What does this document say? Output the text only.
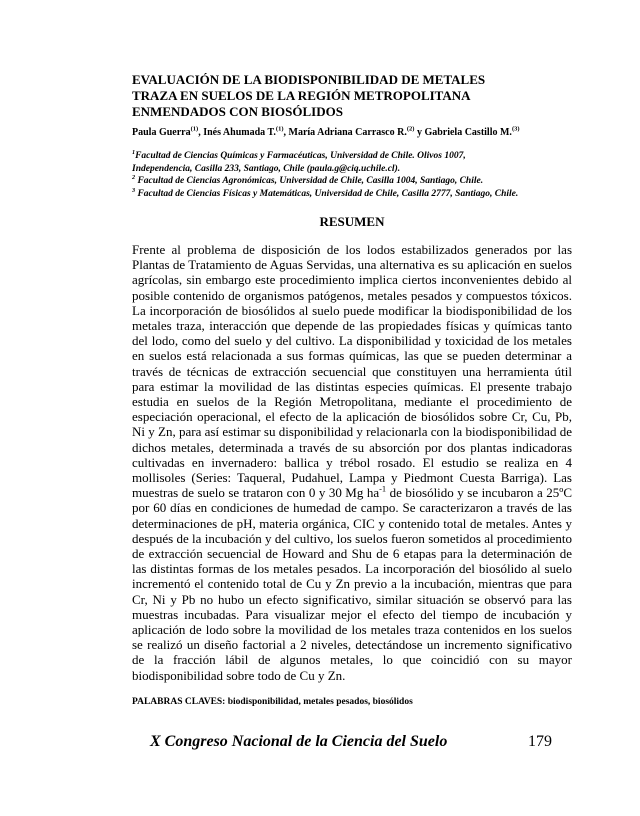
EVALUACIÓN DE LA BIODISPONIBILIDAD DE METALES TRAZA EN SUELOS DE LA REGIÓN METROPOLITANA ENMENDADOS CON BIOSÓLIDOS
Paula Guerra$^{(1)}$, Inés Ahumada T.$^{(1)}$, María Adriana Carrasco R.$^{(2)}$ y Gabriela Castillo M.$^{(3)}$
$^1$Facultad de Ciencias Químicas y Farmacéuticas, Universidad de Chile. Olivos 1007,
Independencia, Casilla 233, Santiago, Chile (paula.g@ciq.uchile.cl).
$^2$ Facultad de Ciencias Agronómicas, Universidad de Chile, Casilla 1004, Santiago, Chile.
$^3$ Facultad de Ciencias Físicas y Matemáticas, Universidad de Chile, Casilla 2777, Santiago, Chile.
RESUMEN

Frente al problema de disposición de los lodos estabilizados generados por las Plantas de Tratamiento de Aguas Servidas, una alternativa es su aplicación en suelos agrícolas, sin embargo este procedimiento implica ciertos inconvenientes debido al posible contenido de organismos patógenos, metales pesados y compuestos tóxicos. La incorporación de biosólidos al suelo puede modificar la biodisponibilidad de los metales traza, interacción que depende de las propiedades físicas y químicas tanto del lodo, como del suelo y del cultivo. La disponibilidad y toxicidad de los metales en suelos está relacionada a sus formas químicas, las que se pueden determinar a través de técnicas de extracción secuencial que constituyen una herramienta útil para estimar la movilidad de las distintas especies químicas. El presente trabajo estudia en suelos de la Región Metropolitana, mediante el procedimiento de especiación operacional, el efecto de la aplicación de biosólidos sobre Cr, Cu, Pb, Ni y Zn, para así estimar su disponibilidad y relacionarla con la biodisponibilidad de dichos metales, determinada a través de su absorción por dos plantas indicadoras cultivadas en invernadero: ballica y trébol rosado. El estudio se realiza en 4 mollisoles (Series: Taqueral, Pudahuel, Lampa y Piedmont Cuesta Barriga). Las muestras de suelo se trataron con 0 y 30 Mg $ha^{-1}$ de biosólido y se incubaron a 25ºC por 60 días en condiciones de humedad de campo. Se caracterizaron a través de las determinaciones de pH, materia orgánica, CIC y contenido total de metales. Antes y después de la incubación y del cultivo, los suelos fueron sometidos al procedimiento de extracción secuencial de Howard and Shu de 6 etapas para la determinación de las distintas formas de los metales pesados. La incorporación del biosólido al suelo incrementó el contenido total de Cu y Zn previo a la incubación, mientras que para Cr, Ni y Pb no hubo un efecto significativo, similar situación se observó para las muestras incubadas. Para visualizar mejor el efecto del tiempo de incubación y aplicación de lodo sobre la movilidad de los metales traza contenidos en los suelos se realizó un diseño factorial a 2 niveles, detectándose un incremento significativo de la fracción lábil de algunos metales, lo que coincidió con su mayor biodisponibilidad sobre todo de Cu y Zn.

PALABRAS CLAVES: biodisponibilidad, metales pesados, biosólidos
X Congreso Nacional de la Ciencia del Suelo	179
